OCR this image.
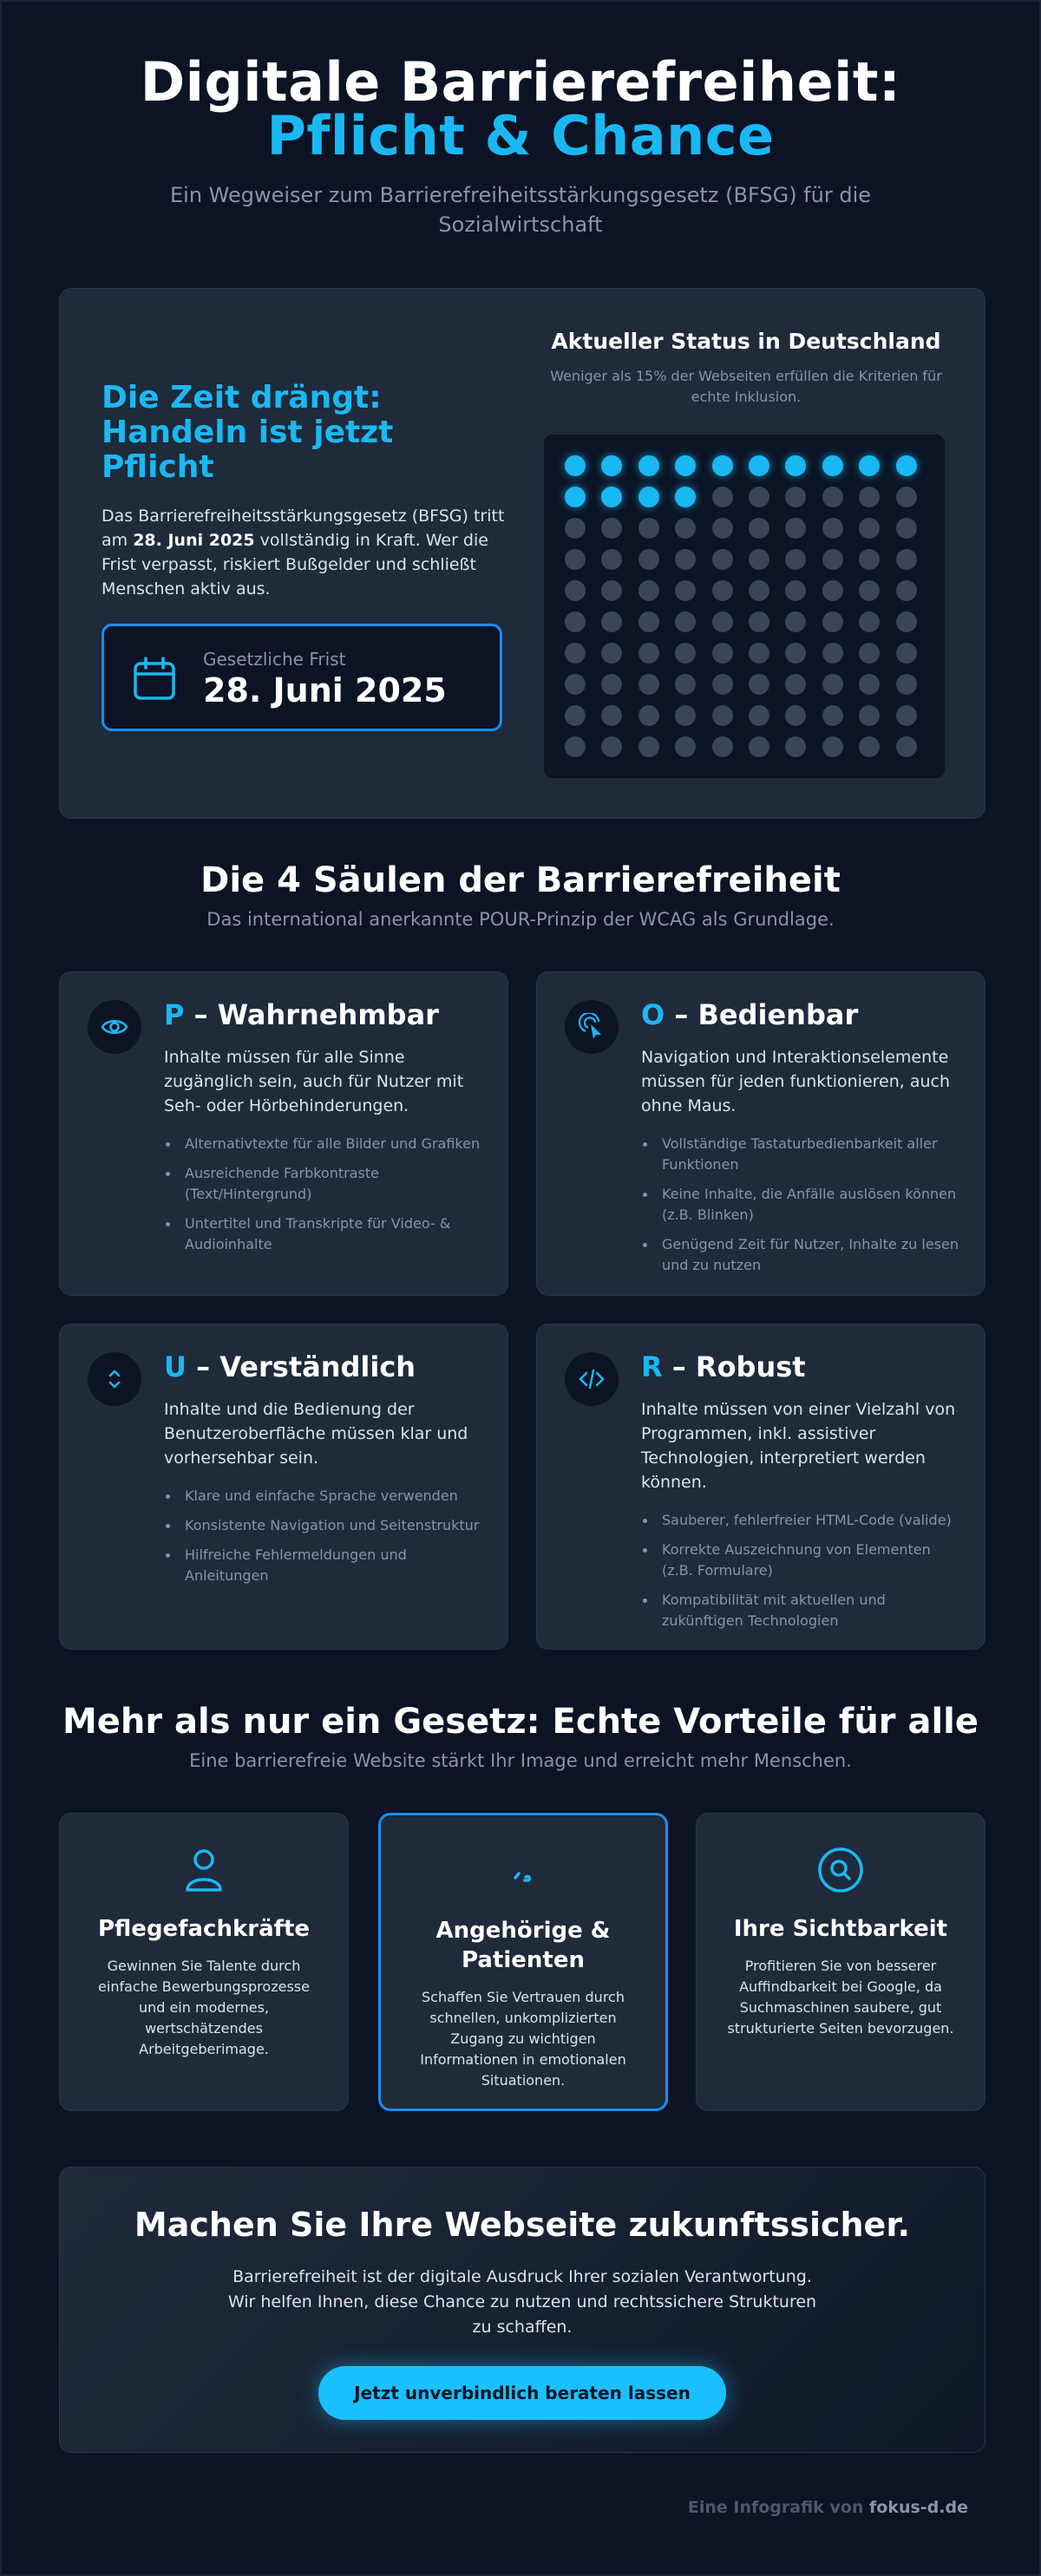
Digitale Barrierefreiheit:
Pflicht & Chance

Ein Wegweiser zum Barrierefreiheitsstärkungsgesetz (BFSG) für die Sozialwirtschaft

Die Zeit drängt: Handeln ist jetzt Pflicht

Das Barrierefreiheitsstärkungsgesetz (BFSG) tritt am 28. Juni 2025 vollständig in Kraft. Wer die Frist verpasst, riskiert Bußgelder und schließt Menschen aktiv aus.

Gesetzliche Frist
28. Juni 2025
Aktueller Status in Deutschland

Weniger als 15% der Webseiten erfüllen die Kriterien für echte Inklusion.

Die 4 Säulen der Barrierefreiheit

Das international anerkannte POUR-Prinzip der WCAG als Grundlage.

P – Wahrnehmbar

Inhalte müssen für alle Sinne zugänglich sein, auch für Nutzer mit Seh- oder Hörbehinderungen.

Alternativtexte für alle Bilder und Grafiken
Ausreichende Farbkontraste (Text/Hintergrund)
Untertitel und Transkripte für Video- & Audioinhalte
O – Bedienbar

Navigation und Interaktionselemente müssen für jeden funktionieren, auch ohne Maus.

Vollständige Tastaturbedienbarkeit aller Funktionen
Keine Inhalte, die Anfälle auslösen können (z.B. Blinken)
Genügend Zeit für Nutzer, Inhalte zu lesen und zu nutzen
U – Verständlich

Inhalte und die Bedienung der Benutzeroberfläche müssen klar und vorhersehbar sein.

Klare und einfache Sprache verwenden
Konsistente Navigation und Seitenstruktur
Hilfreiche Fehlermeldungen und Anleitungen
R – Robust

Inhalte müssen von einer Vielzahl von Programmen, inkl. assistiver Technologien, interpretiert werden können.

Sauberer, fehlerfreier HTML-Code (valide)
Korrekte Auszeichnung von Elementen (z.B. Formulare)
Kompatibilität mit aktuellen und zukünftigen Technologien
Mehr als nur ein Gesetz: Echte Vorteile für alle

Eine barrierefreie Website stärkt Ihr Image und erreicht mehr Menschen.

Pflegefachkräfte

Gewinnen Sie Talente durch einfache Bewerbungsprozesse und ein modernes, wertschätzendes Arbeitgeberimage.

Angehörige & Patienten

Schaffen Sie Vertrauen durch schnellen, unkomplizierten Zugang zu wichtigen Informationen in emotionalen Situationen.

Ihre Sichtbarkeit

Profitieren Sie von besserer Auffindbarkeit bei Google, da Suchmaschinen saubere, gut strukturierte Seiten bevorzugen.

Machen Sie Ihre Webseite zukunftssicher.

Barrierefreiheit ist der digitale Ausdruck Ihrer sozialen Verantwortung. Wir helfen Ihnen, diese Chance zu nutzen und rechtssichere Strukturen zu schaffen.

Jetzt unverbindlich beraten lassen
Eine Infografik von fokus-d.de
